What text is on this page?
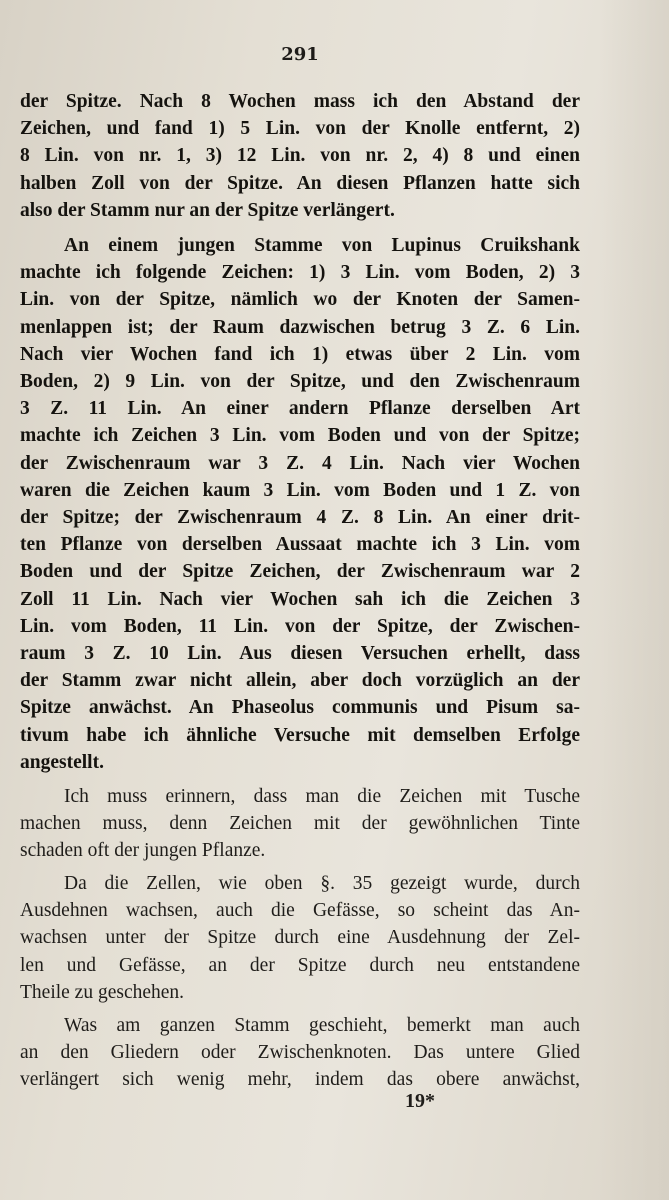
291
der Spitze. Nach 8 Wochen mass ich den Abstand der
Zeichen, und fand 1) 5 Lin. von der Knolle entfernt, 2)
8 Lin. von nr. 1, 3) 12 Lin. von nr. 2, 4) 8 und einen
halben Zoll von der Spitze. An diesen Pflanzen hatte sich
also der Stamm nur an der Spitze verlängert.
An einem jungen Stamme von Lupinus Cruikshank
machte ich folgende Zeichen: 1) 3 Lin. vom Boden, 2) 3
Lin. von der Spitze, nämlich wo der Knoten der Samen-
menlappen ist; der Raum dazwischen betrug 3 Z. 6 Lin.
Nach vier Wochen fand ich 1) etwas über 2 Lin. vom
Boden, 2) 9 Lin. von der Spitze, und den Zwischenraum
3 Z. 11 Lin. An einer andern Pflanze derselben Art
machte ich Zeichen 3 Lin. vom Boden und von der Spitze;
der Zwischenraum war 3 Z. 4 Lin. Nach vier Wochen
waren die Zeichen kaum 3 Lin. vom Boden und 1 Z. von
der Spitze; der Zwischenraum 4 Z. 8 Lin. An einer drit-
ten Pflanze von derselben Aussaat machte ich 3 Lin. vom
Boden und der Spitze Zeichen, der Zwischenraum war 2
Zoll 11 Lin. Nach vier Wochen sah ich die Zeichen 3
Lin. vom Boden, 11 Lin. von der Spitze, der Zwischen-
raum 3 Z. 10 Lin. Aus diesen Versuchen erhellt, dass
der Stamm zwar nicht allein, aber doch vorzüglich an der
Spitze anwächst. An Phaseolus communis und Pisum sa-
tivum habe ich ähnliche Versuche mit demselben Erfolge
angestellt.
Ich muss erinnern, dass man die Zeichen mit Tusche
machen muss, denn Zeichen mit der gewöhnlichen Tinte
schaden oft der jungen Pflanze.
Da die Zellen, wie oben §. 35 gezeigt wurde, durch
Ausdehnen wachsen, auch die Gefässe, so scheint das An-
wachsen unter der Spitze durch eine Ausdehnung der Zel-
len und Gefässe, an der Spitze durch neu entstandene
Theile zu geschehen.
Was am ganzen Stamm geschieht, bemerkt man auch
an den Gliedern oder Zwischenknoten. Das untere Glied
verlängert sich wenig mehr, indem das obere anwächst,
19*
